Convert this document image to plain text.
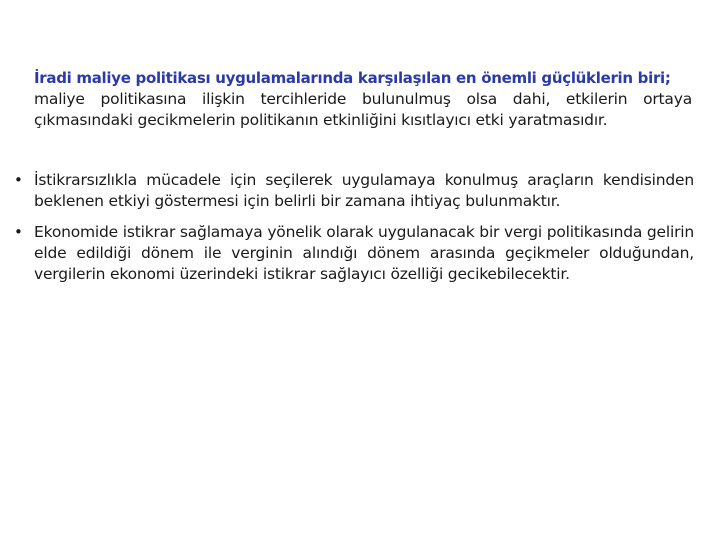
İradi maliye politikası uygulamalarında karşılaşılan en önemli güçlüklerin biri;
maliye politikasına ilişkin tercihleride bulunulmuş olsa dahi, etkilerin ortaya çıkmasındaki gecikmelerin politikanın etkinliğini kısıtlayıcı etki yaratmasıdır.
• İstikrarsızlıkla mücadele için seçilerek uygulamaya konulmuş araçların kendisinden beklenen etkiyi göstermesi için belirli bir zamana ihtiyaç bulunmaktır.
• Ekonomide istikrar sağlamaya yönelik olarak uygulanacak bir vergi politikasında gelirin elde edildiği dönem ile verginin alındığı dönem arasında geçikmeler olduğundan, vergilerin ekonomi üzerindeki istikrar sağlayıcı özelliği gecikebilecektir.
